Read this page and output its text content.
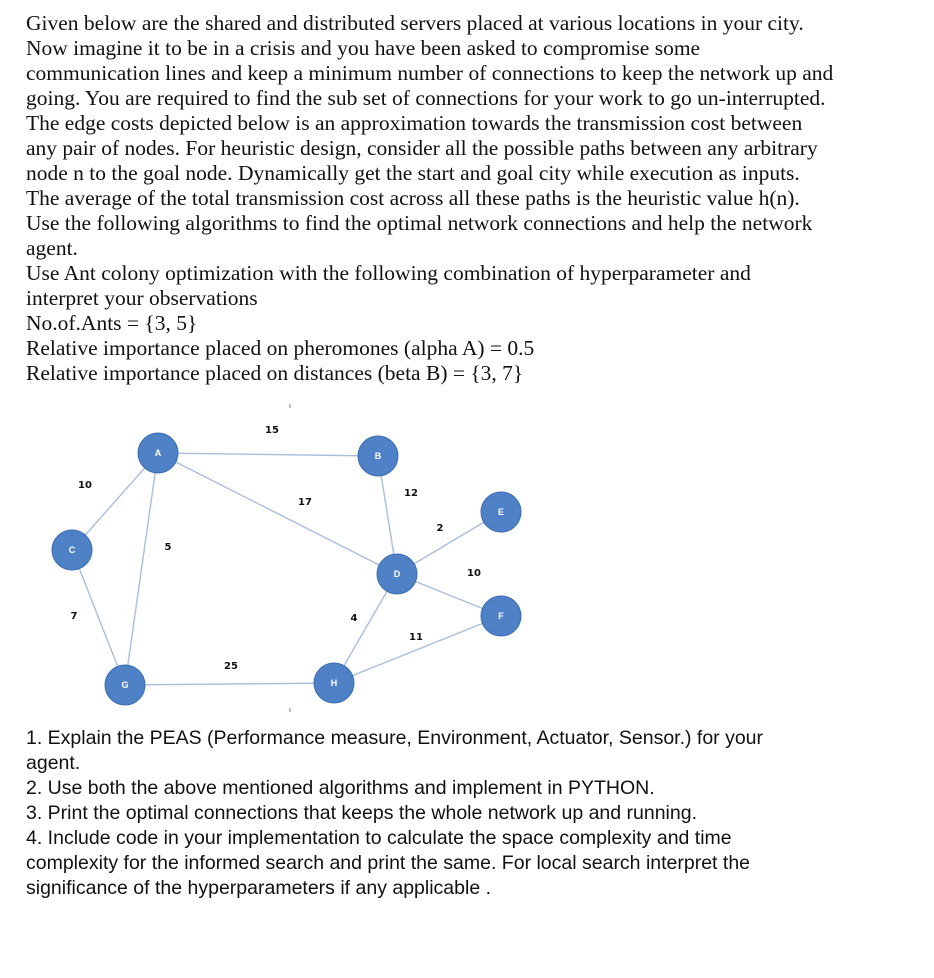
Given below are the shared and distributed servers placed at various locations in your city.

Now imagine it to be in a crisis and you have been asked to compromise some

communication lines and keep a minimum number of connections to keep the network up and

going. You are required to find the sub set of connections for your work to go un-interrupted.

The edge costs depicted below is an approximation towards the transmission cost between

any pair of nodes. For heuristic design, consider all the possible paths between any arbitrary

node n to the goal node. Dynamically get the start and goal city while execution as inputs.

The average of the total transmission cost across all these paths is the heuristic value h(n).

Use the following algorithms to find the optimal network connections and help the network

agent.

Use Ant colony optimization with the following combination of hyperparameter and

interpret your observations

No.of.Ants = {3, 5}

Relative importance placed on pheromones (alpha A) = 0.5

Relative importance placed on distances (beta B) = {3, 7}

15
10
5
17
12
2
10
4
11
7
25
A	B
C
D
E
F
G	H

1. Explain the PEAS (Performance measure, Environment, Actuator, Sensor.) for your

agent.

2. Use both the above mentioned algorithms and implement in PYTHON.

3. Print the optimal connections that keeps the whole network up and running.

4. Include code in your implementation to calculate the space complexity and time

complexity for the informed search and print the same. For local search interpret the

significance of the hyperparameters if any applicable .
